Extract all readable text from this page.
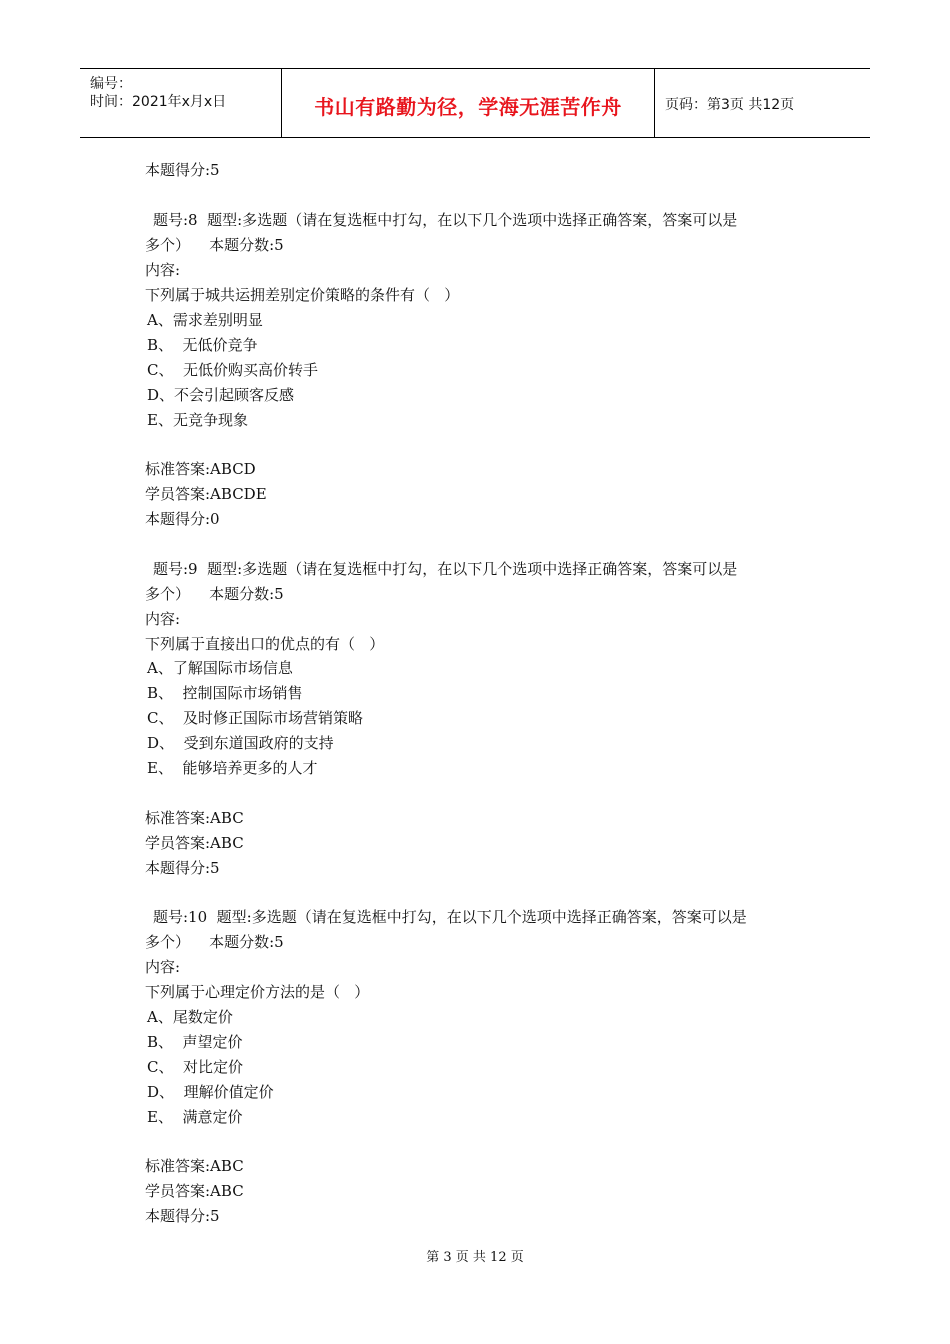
编号：
时间：2021年x月x日	书山有路勤为径，学海无涯苦作舟	页码：第3页 共12页
本题得分:5
题号:8  题型:多选题（请在复选框中打勾，在以下几个选项中选择正确答案，答案可以是
多个）    本题分数:5
内容:
下列属于城共运拥差别定价策略的条件有（   ）
A、需求差别明显
B、  无低价竞争
C、  无低价购买高价转手
D、不会引起顾客反感
E、无竞争现象
标准答案:ABCD
学员答案:ABCDE
本题得分:0
题号:9  题型:多选题（请在复选框中打勾，在以下几个选项中选择正确答案，答案可以是
多个）    本题分数:5
内容:
下列属于直接出口的优点的有（   ）
A、了解国际市场信息
B、  控制国际市场销售
C、  及时修正国际市场营销策略
D、  受到东道国政府的支持
E、  能够培养更多的人才
标准答案:ABC
学员答案:ABC
本题得分:5
题号:10  题型:多选题（请在复选框中打勾，在以下几个选项中选择正确答案，答案可以是
多个）    本题分数:5
内容:
下列属于心理定价方法的是（   ）
A、尾数定价
B、  声望定价
C、  对比定价
D、  理解价值定价
E、  满意定价
标准答案:ABC
学员答案:ABC
本题得分:5
第 3 页 共 12 页
